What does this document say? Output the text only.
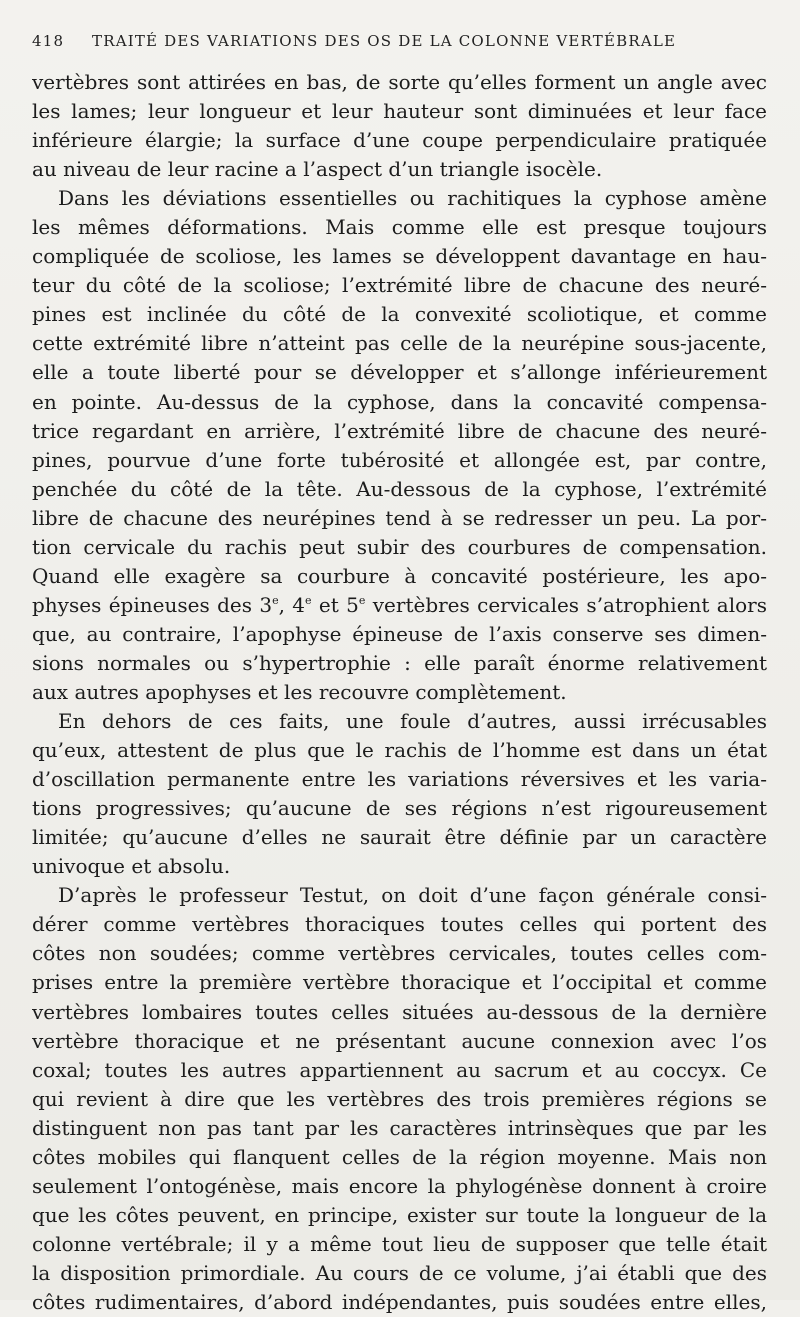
418 TRAITÉ DES VARIATIONS DES OS DE LA COLONNE VERTÉBRALE
vertèbres sont attirées en bas, de sorte qu’elles forment un angle avec
les lames; leur longueur et leur hauteur sont diminuées et leur face
inférieure élargie; la surface d’une coupe perpendiculaire pratiquée
au niveau de leur racine a l’aspect d’un triangle isocèle.
Dans les déviations essentielles ou rachitiques la cyphose amène
les mêmes déformations. Mais comme elle est presque toujours
compliquée de scoliose, les lames se développent davantage en hau-
teur du côté de la scoliose; l’extrémité libre de chacune des neuré-
pines est inclinée du côté de la convexité scoliotique, et comme
cette extrémité libre n’atteint pas celle de la neurépine sous-jacente,
elle a toute liberté pour se développer et s’allonge inférieurement
en pointe. Au-dessus de la cyphose, dans la concavité compensa-
trice regardant en arrière, l’extrémité libre de chacune des neuré-
pines, pourvue d’une forte tubérosité et allongée est, par contre,
penchée du côté de la tête. Au-dessous de la cyphose, l’extrémité
libre de chacune des neurépines tend à se redresser un peu. La por-
tion cervicale du rachis peut subir des courbures de compensation.
Quand elle exagère sa courbure à concavité postérieure, les apo-
physes épineuses des 3e, 4e et 5e vertèbres cervicales s’atrophient alors
que, au contraire, l’apophyse épineuse de l’axis conserve ses dimen-
sions normales ou s’hypertrophie : elle paraît énorme relativement
aux autres apophyses et les recouvre complètement.
En dehors de ces faits, une foule d’autres, aussi irrécusables
qu’eux, attestent de plus que le rachis de l’homme est dans un état
d’oscillation permanente entre les variations réversives et les varia-
tions progressives; qu’aucune de ses régions n’est rigoureusement
limitée; qu’aucune d’elles ne saurait être définie par un caractère
univoque et absolu.
D’après le professeur Testut, on doit d’une façon générale consi-
dérer comme vertèbres thoraciques toutes celles qui portent des
côtes non soudées; comme vertèbres cervicales, toutes celles com-
prises entre la première vertèbre thoracique et l’occipital et comme
vertèbres lombaires toutes celles situées au-dessous de la dernière
vertèbre thoracique et ne présentant aucune connexion avec l’os
coxal; toutes les autres appartiennent au sacrum et au coccyx. Ce
qui revient à dire que les vertèbres des trois premières régions se
distinguent non pas tant par les caractères intrinsèques que par les
côtes mobiles qui flanquent celles de la région moyenne. Mais non
seulement l’ontogénèse, mais encore la phylogénèse donnent à croire
que les côtes peuvent, en principe, exister sur toute la longueur de la
colonne vertébrale; il y a même tout lieu de supposer que telle était
la disposition primordiale. Au cours de ce volume, j’ai établi que des
côtes rudimentaires, d’abord indépendantes, puis soudées entre elles,
